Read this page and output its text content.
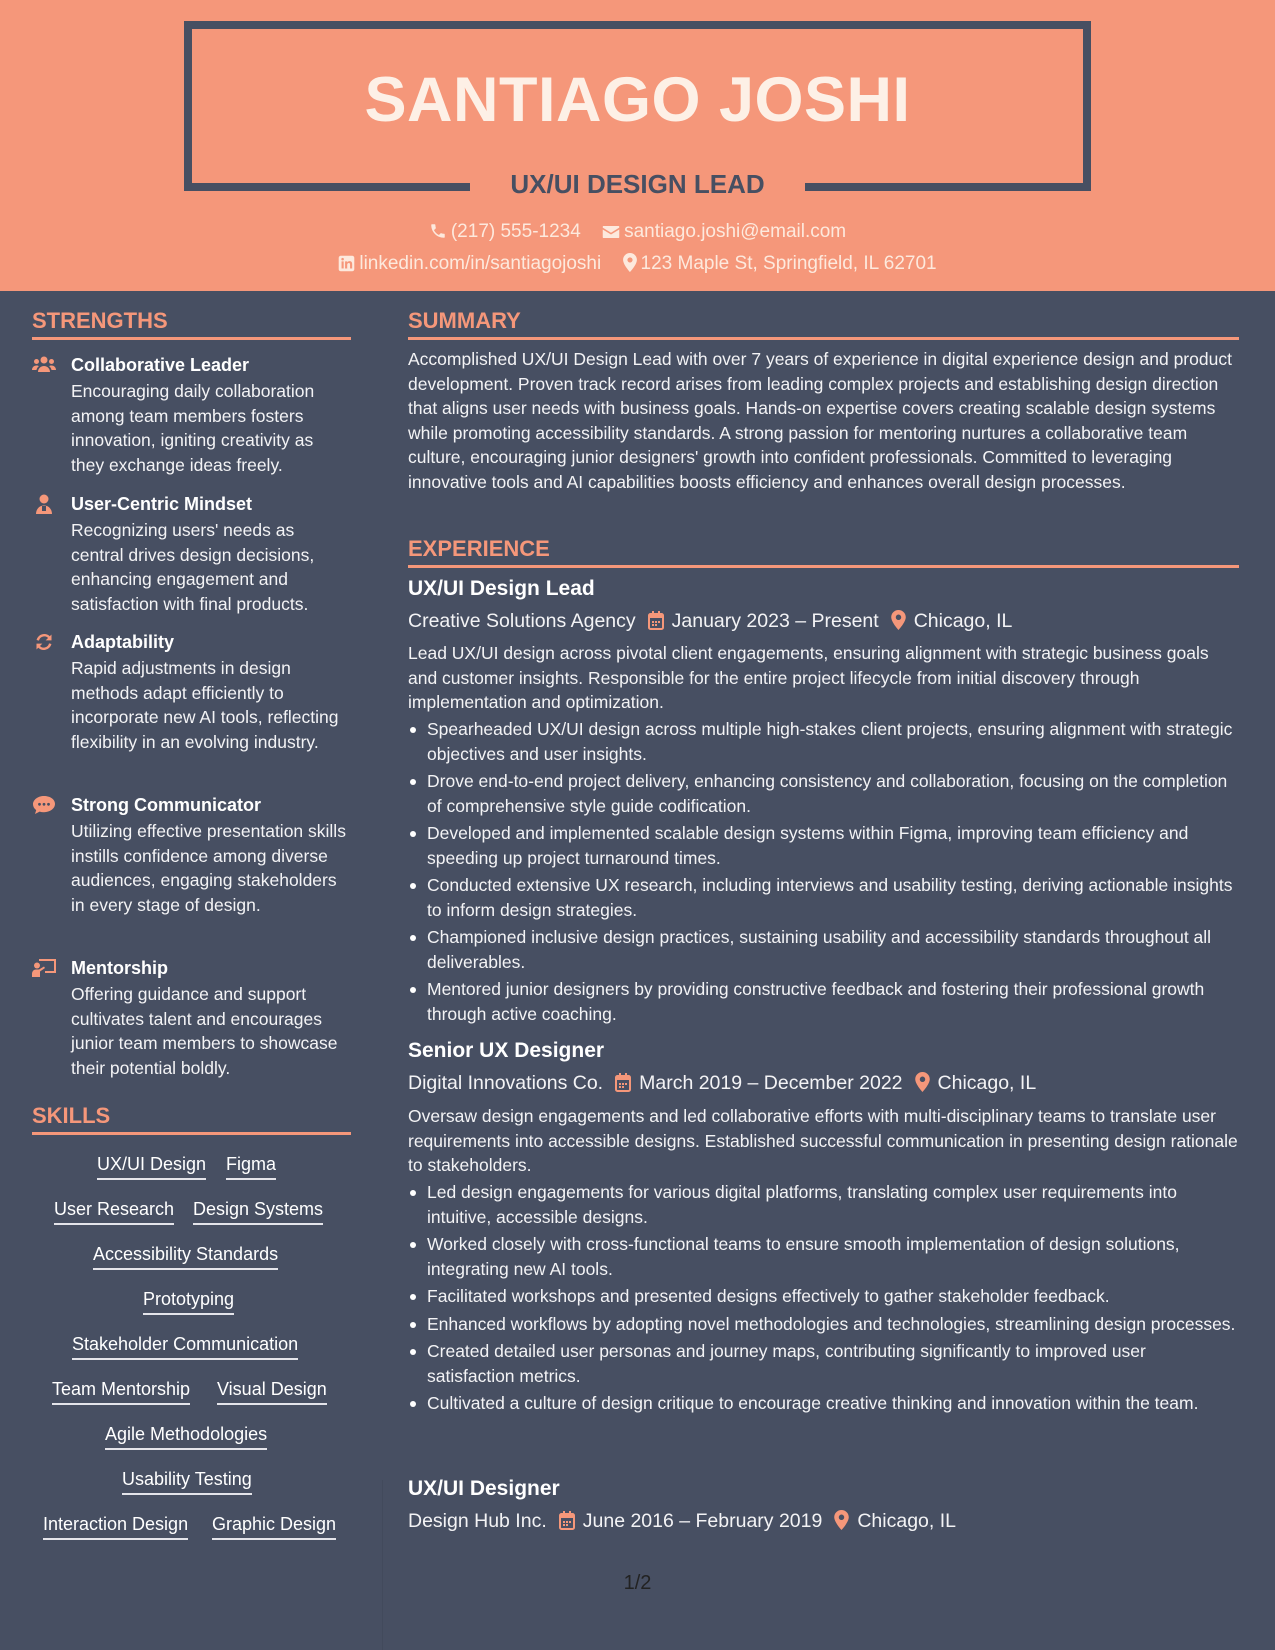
SANTIAGO JOSHI
UX/UI DESIGN LEAD
(217) 555-1234 santiago.joshi@email.com
linkedin.com/in/santiagojoshi 123 Maple St, Springfield, IL 62701
STRENGTHS
Collaborative Leader
Encouraging daily collaboration among team members fosters innovation, igniting creativity as they exchange ideas freely.
User-Centric Mindset
Recognizing users' needs as central drives design decisions, enhancing engagement and satisfaction with final products.
Adaptability
Rapid adjustments in design methods adapt efficiently to incorporate new AI tools, reflecting flexibility in an evolving industry.
Strong Communicator
Utilizing effective presentation skills instills confidence among diverse audiences, engaging stakeholders in every stage of design.
Mentorship
Offering guidance and support cultivates talent and encourages junior team members to showcase their potential boldly.
SKILLS
UX/UI Design Figma
User Research Design Systems
Accessibility Standards
Prototyping
Stakeholder Communication
Team Mentorship Visual Design
Agile Methodologies
Usability Testing
Interaction Design Graphic Design
SUMMARY
Accomplished UX/UI Design Lead with over 7 years of experience in digital experience design and product development. Proven track record arises from leading complex projects and establishing design direction that aligns user needs with business goals. Hands-on expertise covers creating scalable design systems while promoting accessibility standards. A strong passion for mentoring nurtures a collaborative team culture, encouraging junior designers' growth into confident professionals. Committed to leveraging innovative tools and AI capabilities boosts efficiency and enhances overall design processes.
EXPERIENCE
UX/UI Design Lead
Creative Solutions Agency January 2023 – Present Chicago, IL
Lead UX/UI design across pivotal client engagements, ensuring alignment with strategic business goals and customer insights. Responsible for the entire project lifecycle from initial discovery through implementation and optimization.
Spearheaded UX/UI design across multiple high-stakes client projects, ensuring alignment with strategic objectives and user insights.
Drove end-to-end project delivery, enhancing consistency and collaboration, focusing on the completion of comprehensive style guide codification.
Developed and implemented scalable design systems within Figma, improving team efficiency and speeding up project turnaround times.
Conducted extensive UX research, including interviews and usability testing, deriving actionable insights to inform design strategies.
Championed inclusive design practices, sustaining usability and accessibility standards throughout all deliverables.
Mentored junior designers by providing constructive feedback and fostering their professional growth through active coaching.
Senior UX Designer
Digital Innovations Co. March 2019 – December 2022 Chicago, IL
Oversaw design engagements and led collaborative efforts with multi-disciplinary teams to translate user requirements into accessible designs. Established successful communication in presenting design rationale to stakeholders.
Led design engagements for various digital platforms, translating complex user requirements into intuitive, accessible designs.
Worked closely with cross-functional teams to ensure smooth implementation of design solutions, integrating new AI tools.
Facilitated workshops and presented designs effectively to gather stakeholder feedback.
Enhanced workflows by adopting novel methodologies and technologies, streamlining design processes.
Created detailed user personas and journey maps, contributing significantly to improved user satisfaction metrics.
Cultivated a culture of design critique to encourage creative thinking and innovation within the team.
UX/UI Designer
Design Hub Inc. June 2016 – February 2019 Chicago, IL
1/2
